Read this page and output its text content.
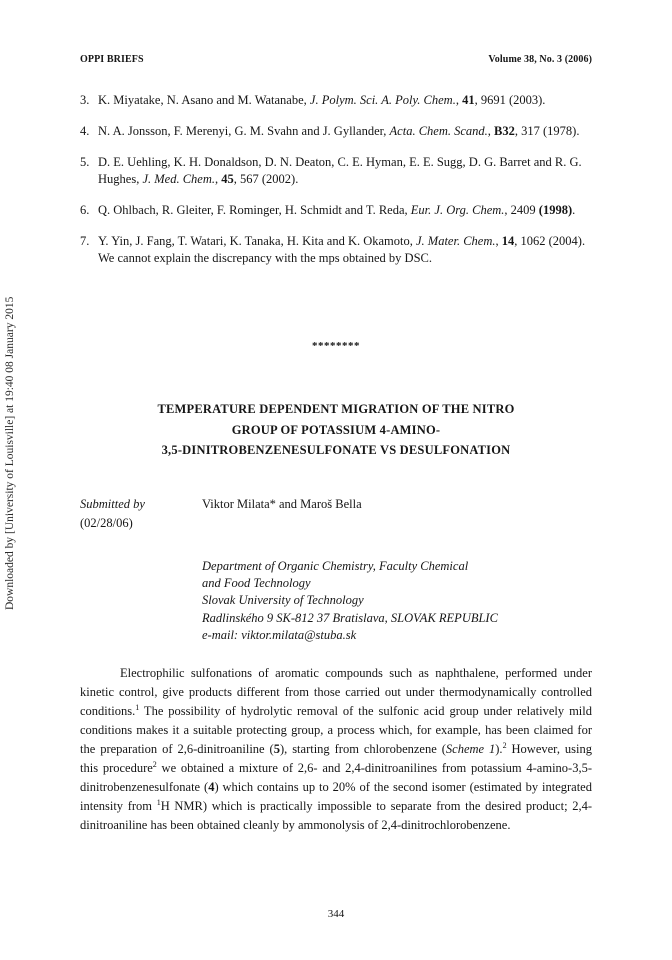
Downloaded by [University of Louisville] at 19:40 08 January 2015
OPPI BRIEFS	Volume 38, No. 3 (2006)
3. K. Miyatake, N. Asano and M. Watanabe, J. Polym. Sci. A. Poly. Chem., 41, 9691 (2003).
4. N. A. Jonsson, F. Merenyi, G. M. Svahn and J. Gyllander, Acta. Chem. Scand., B32, 317 (1978).
5. D. E. Uehling, K. H. Donaldson, D. N. Deaton, C. E. Hyman, E. E. Sugg, D. G. Barret and R. G. Hughes, J. Med. Chem., 45, 567 (2002).
6. Q. Ohlbach, R. Gleiter, F. Rominger, H. Schmidt and T. Reda, Eur. J. Org. Chem., 2409 (1998).
7. Y. Yin, J. Fang, T. Watari, K. Tanaka, H. Kita and K. Okamoto, J. Mater. Chem., 14, 1062 (2004). We cannot explain the discrepancy with the mps obtained by DSC.
********
TEMPERATURE DEPENDENT MIGRATION OF THE NITRO
GROUP OF POTASSIUM 4-AMINO-
3,5-DINITROBENZENESULFONATE VS DESULFONATION
Submitted by
(02/28/06)
Viktor Milata* and Maroš Bella
Department of Organic Chemistry, Faculty Chemical
and Food Technology
Slovak University of Technology
Radlinského 9 SK-812 37 Bratislava, SLOVAK REPUBLIC
e-mail: viktor.milata@stuba.sk

Electrophilic sulfonations of aromatic compounds such as naphthalene, performed under kinetic control, give products different from those carried out under thermodynamically controlled conditions.$^1$ The possibility of hydrolytic removal of the sulfonic acid group under relatively mild conditions makes it a suitable protecting group, a process which, for example, has been claimed for the preparation of 2,6-dinitroaniline (5), starting from chlorobenzene (Scheme 1).$^2$ However, using this procedure$^2$ we obtained a mixture of 2,6- and 2,4-dinitroanilines from potassium 4-amino-3,5-dinitrobenzenesulfonate (4) which contains up to 20% of the second isomer (estimated by integrated intensity from $^1$H NMR) which is practically impossible to separate from the desired product; 2,4-dinitroaniline has been obtained cleanly by ammonolysis of 2,4-dinitrochlorobenzene.

344
